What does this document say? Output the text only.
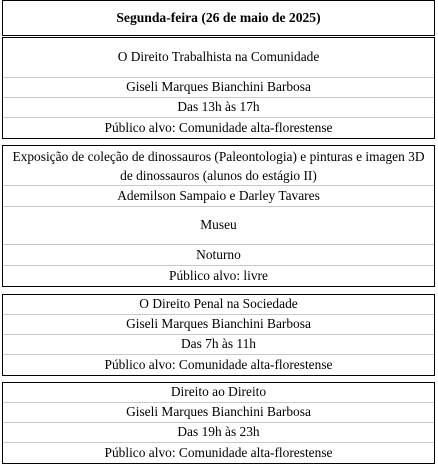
Segunda-feira (26 de maio de 2025)
O Direito Trabalhista na Comunidade
Giseli Marques Bianchini Barbosa
Das 13h às 17h
Público alvo: Comunidade alta-florestense
Exposição de coleção de dinossauros (Paleontologia) e pinturas e imagen 3D de dinossauros (alunos do estágio II)
Ademilson Sampaio e Darley Tavares
Museu
Noturno
Público alvo: livre
O Direito Penal na Sociedade
Giseli Marques Bianchini Barbosa
Das 7h às 11h
Público alvo: Comunidade alta-florestense
Direito ao Direito
Giseli Marques Bianchini Barbosa
Das 19h às 23h
Público alvo: Comunidade alta-florestense
